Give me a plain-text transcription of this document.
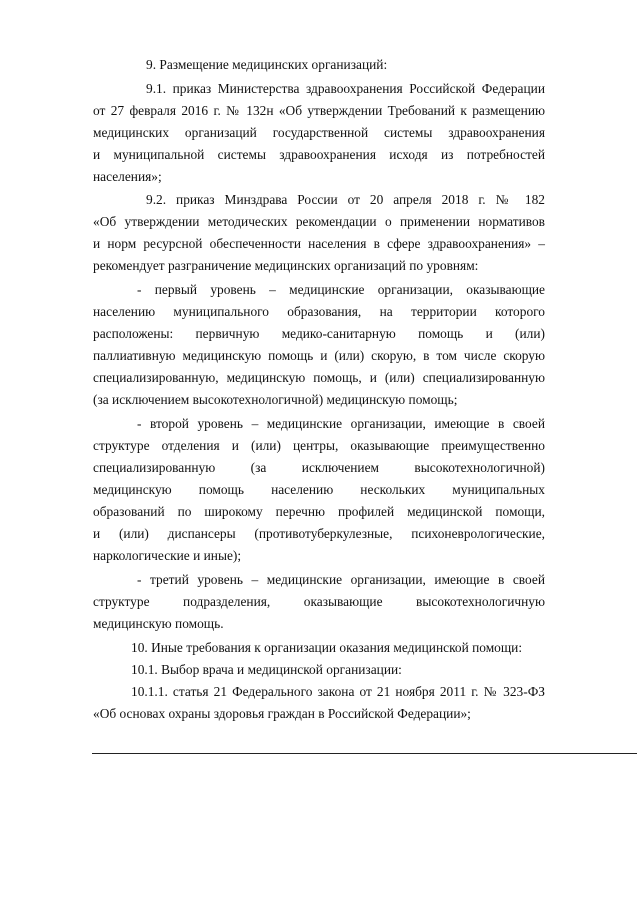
9. Размещение медицинских организаций:
9.1. приказ Министерства здравоохранения Российской Федерации
от 27 февраля 2016 г. № 132н «Об утверждении Требований к размещению
медицинских организаций государственной системы здравоохранения
и муниципальной системы здравоохранения исходя из потребностей
населения»;
9.2. приказ Минздрава России от 20 апреля 2018 г. № 182
«Об утверждении методических рекомендации о применении нормативов
и норм ресурсной обеспеченности населения в сфере здравоохранения» –
рекомендует разграничение медицинских организаций по уровням:
- первый уровень – медицинские организации, оказывающие
населению муниципального образования, на территории которого
расположены: первичную медико-санитарную помощь и (или)
паллиативную медицинскую помощь и (или) скорую, в том числе скорую
специализированную, медицинскую помощь, и (или) специализированную
(за исключением высокотехнологичной) медицинскую помощь;
- второй уровень – медицинские организации, имеющие в своей
структуре отделения и (или) центры, оказывающие преимущественно
специализированную (за исключением высокотехнологичной)
медицинскую помощь населению нескольких муниципальных
образований по широкому перечню профилей медицинской помощи,
и (или) диспансеры (противотуберкулезные, психоневрологические,
наркологические и иные);
- третий уровень – медицинские организации, имеющие в своей
структуре подразделения, оказывающие высокотехнологичную
медицинскую помощь.
10. Иные требования к организации оказания медицинской помощи:
10.1. Выбор врача и медицинской организации:
10.1.1. статья 21 Федерального закона от 21 ноября 2011 г. № 323-ФЗ
«Об основах охраны здоровья граждан в Российской Федерации»;
